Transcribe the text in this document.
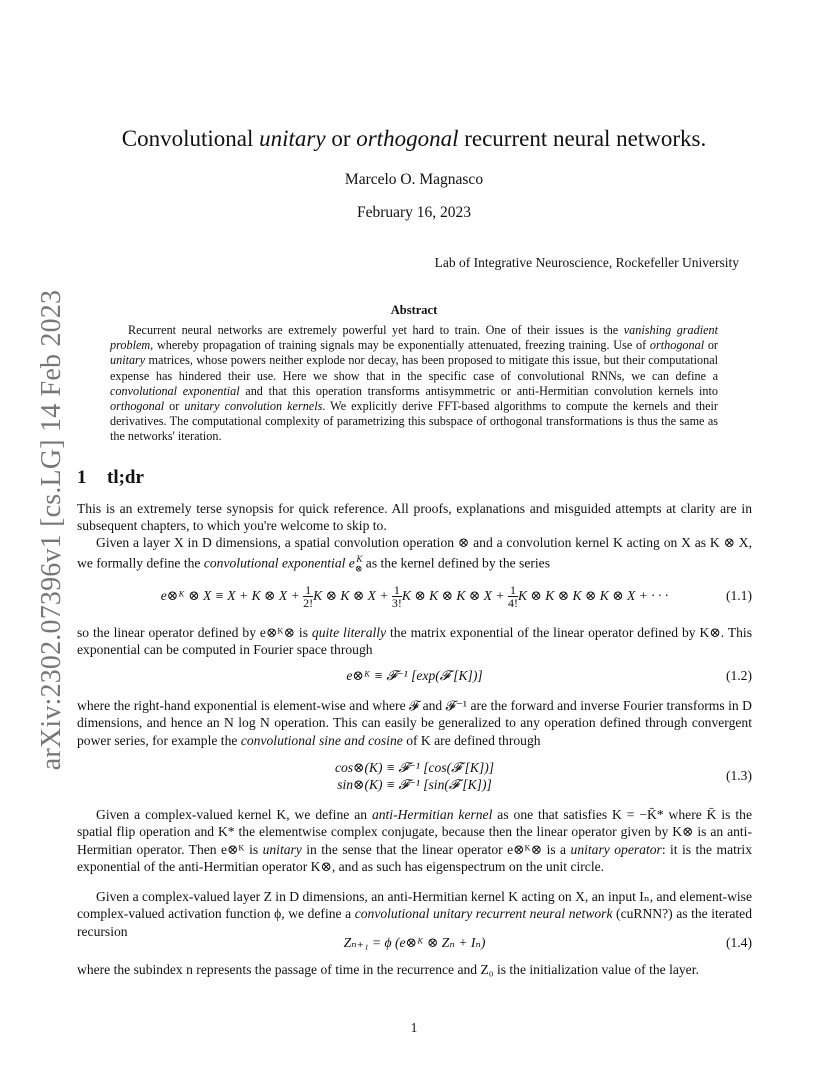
arXiv:2302.07396v1 [cs.LG] 14 Feb 2023
Convolutional unitary or orthogonal recurrent neural networks.
Marcelo O. Magnasco
February 16, 2023
Lab of Integrative Neuroscience, Rockefeller University
Abstract
Recurrent neural networks are extremely powerful yet hard to train. One of their issues is the vanishing gradient problem, whereby propagation of training signals may be exponentially attenuated, freezing training. Use of orthogonal or unitary matrices, whose powers neither explode nor decay, has been proposed to mitigate this issue, but their computational expense has hindered their use. Here we show that in the specific case of convolutional RNNs, we can define a convolutional exponential and that this operation transforms antisymmetric or anti-Hermitian convolution kernels into orthogonal or unitary convolution kernels. We explicitly derive FFT-based algorithms to compute the kernels and their derivatives. The computational complexity of parametrizing this subspace of orthogonal transformations is thus the same as the networks' iteration.
1 tl;dr
This is an extremely terse synopsis for quick reference. All proofs, explanations and misguided attempts at clarity are in subsequent chapters, to which you're welcome to skip to.
Given a layer X in D dimensions, a spatial convolution operation ⊗ and a convolution kernel K acting on X as K ⊗ X, we formally define the convolutional exponential $e_\otimes^K$ as the kernel defined by the series
e⊗ᴷ ⊗ X ≡ X + K ⊗ $X + \frac{1}{2!}$ K ⊗ K ⊗ $X + \frac{1}{3!}$ K ⊗ K ⊗ K ⊗ $X + \frac{1}{4!}$ K ⊗ K ⊗ K ⊗ K ⊗ X + · · ·	(1.1)
so the linear operator defined by e⊗ᴷ⊗ is quite literally the matrix exponential of the linear operator defined by K⊗. This exponential can be computed in Fourier space through
e⊗ᴷ ≡ 𝓕⁻¹ [exp(𝓕 [K])]	(1.2)
where the right-hand exponential is element-wise and where 𝓕 and 𝓕⁻¹ are the forward and inverse Fourier transforms in D dimensions, and hence an N log N operation. This can easily be generalized to any operation defined through convergent power series, for example the convolutional sine and cosine of K are defined through
cos⊗(K) ≡ 𝓕⁻¹ [cos(𝓕 [K])]
sin⊗(K) ≡ 𝓕⁻¹ [sin(𝓕 [K])]
(1.3)
Given a complex-valued kernel K, we define an anti-Hermitian kernel as one that satisfies K = −K̄* where K̄ is the spatial flip operation and K* the elementwise complex conjugate, because then the linear operator given by K⊗ is an anti-Hermitian operator. Then e⊗ᴷ is unitary in the sense that the linear operator e⊗ᴷ⊗ is a unitary operator: it is the matrix exponential of the anti-Hermitian operator K⊗, and as such has eigenspectrum on the unit circle.
Given a complex-valued layer Z in D dimensions, an anti-Hermitian kernel K acting on X, an input Iₙ, and element-wise complex-valued activation function ϕ, we define a convolutional unitary recurrent neural network (cuRNN?) as the iterated recursion
Zₙ₊₁ = ϕ (e⊗ᴷ ⊗ Zₙ + Iₙ)	(1.4)
where the subindex n represents the passage of time in the recurrence and Z₀ is the initialization value of the layer.
1
